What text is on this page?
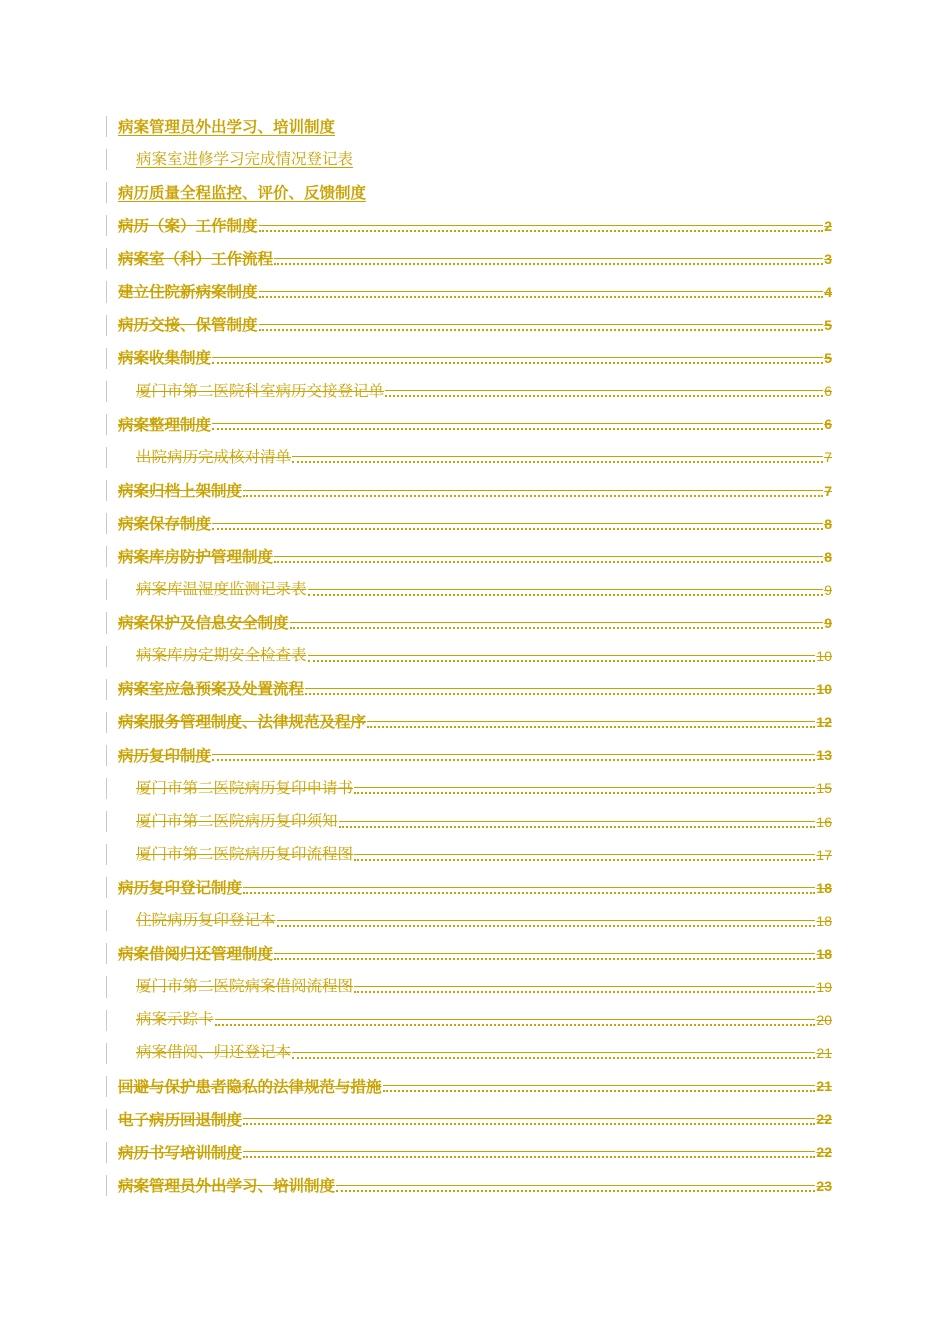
病案管理员外出学习、培训制度
病案室进修学习完成情况登记表
病历质量全程监控、评价、反馈制度
病历（案）工作制度	2
病案室（科）工作流程	3
建立住院新病案制度	4
病历交接、保管制度	5
病案收集制度	5
厦门市第二医院科室病历交接登记单	6
病案整理制度	6
出院病历完成核对清单	7
病案归档上架制度	7
病案保存制度	8
病案库房防护管理制度	8
病案库温湿度监测记录表	9
病案保护及信息安全制度	9
病案库房定期安全检查表	10
病案室应急预案及处置流程	10
病案服务管理制度、法律规范及程序	12
病历复印制度	13
厦门市第二医院病历复印申请书	15
厦门市第二医院病历复印须知	16
厦门市第二医院病历复印流程图	17
病历复印登记制度	18
住院病历复印登记本	18
病案借阅归还管理制度	18
厦门市第二医院病案借阅流程图	19
病案示踪卡	20
病案借阅、归还登记本	21
回避与保护患者隐私的法律规范与措施	21
电子病历回退制度	22
病历书写培训制度	22
病案管理员外出学习、培训制度	23
